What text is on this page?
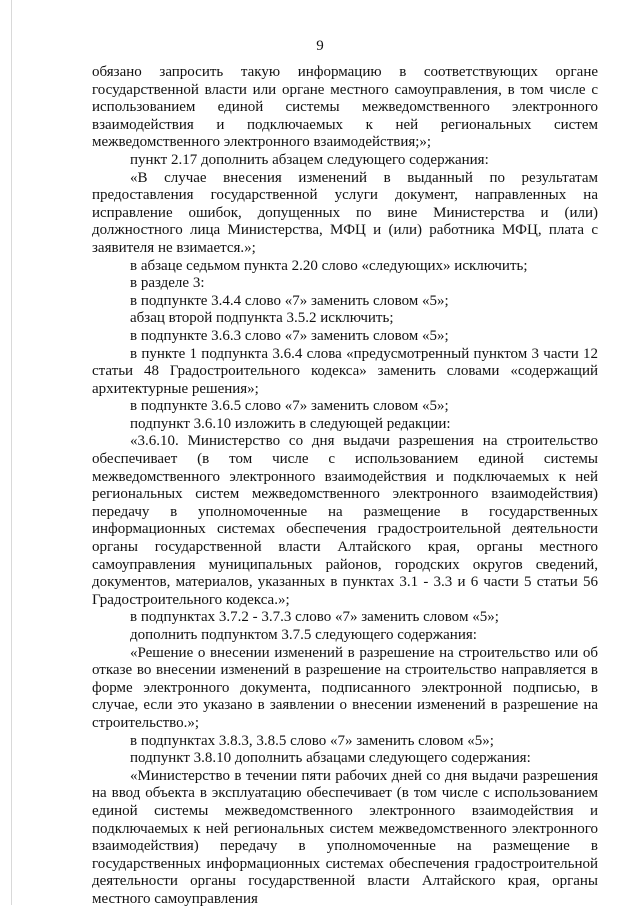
9

обязано запросить такую информацию в соответствующих органе государственной власти или органе местного самоуправления, в том числе с использованием единой системы межведомственного электронного взаимодействия и подключаемых к ней региональных систем межведомственного электронного взаимодействия;»;

пункт 2.17 дополнить абзацем следующего содержания:

«В случае внесения изменений в выданный по результатам предоставления государственной услуги документ, направленных на исправление ошибок, допущенных по вине Министерства и (или) должностного лица Министерства, МФЦ и (или) работника МФЦ, плата с заявителя не взимается.»;

в абзаце седьмом пункта 2.20 слово «следующих» исключить;

в разделе 3:

в подпункте 3.4.4 слово «7» заменить словом «5»;

абзац второй подпункта 3.5.2 исключить;

в подпункте 3.6.3 слово «7» заменить словом «5»;

в пункте 1 подпункта 3.6.4 слова «предусмотренный пунктом 3 части 12 статьи 48 Градостроительного кодекса» заменить словами «содержащий архитектурные решения»;

в подпункте 3.6.5 слово «7» заменить словом «5»;

подпункт 3.6.10 изложить в следующей редакции:

«3.6.10. Министерство со дня выдачи разрешения на строительство обеспечивает (в том числе с использованием единой системы межведомственного электронного взаимодействия и подключаемых к ней региональных систем межведомственного электронного взаимодействия) передачу в уполномоченные на размещение в государственных информационных системах обеспечения градостроительной деятельности органы государственной власти Алтайского края, органы местного самоуправления муниципальных районов, городских округов сведений, документов, материалов, указанных в пунктах 3.1 - 3.3 и 6 части 5 статьи 56 Градостроительного кодекса.»;

в подпунктах 3.7.2 - 3.7.3 слово «7» заменить словом «5»;

дополнить подпунктом 3.7.5 следующего содержания:

«Решение о внесении изменений в разрешение на строительство или об отказе во внесении изменений в разрешение на строительство направляется в форме электронного документа, подписанного электронной подписью, в случае, если это указано в заявлении о внесении изменений в разрешение на строительство.»;

в подпунктах 3.8.3, 3.8.5 слово «7» заменить словом «5»;

подпункт 3.8.10 дополнить абзацами следующего содержания:

«Министерство в течении пяти рабочих дней со дня выдачи разрешения на ввод объекта в эксплуатацию обеспечивает (в том числе с использованием единой системы межведомственного электронного взаимодействия и подключаемых к ней региональных систем межведомственного электронного взаимодействия) передачу в уполномоченные на размещение в государственных информационных системах обеспечения градостроительной деятельности органы государственной власти Алтайского края, органы местного самоуправления
